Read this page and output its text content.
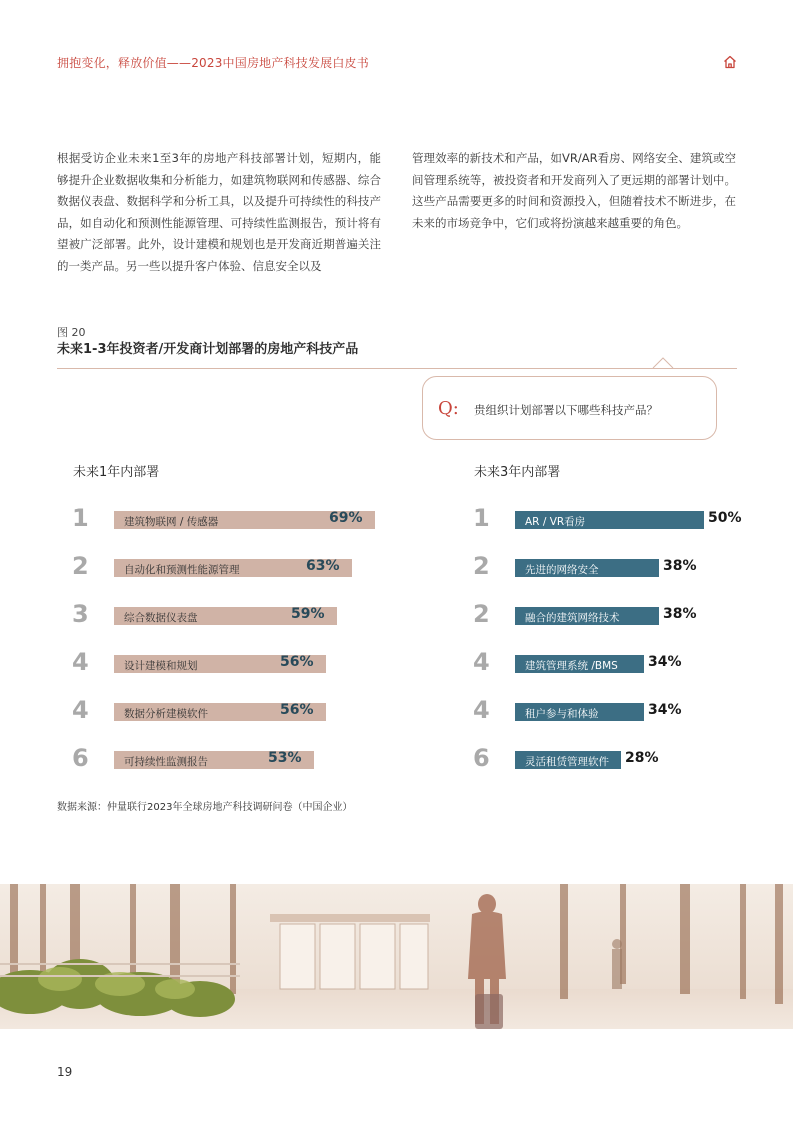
拥抱变化，释放价值——2023中国房地产科技发展白皮书
根据受访企业未来1至3年的房地产科技部署计划，短期内，能够提升企业数据收集和分析能力，如建筑物联网和传感器、综合数据仪表盘、数据科学和分析工具，以及提升可持续性的科技产品，如自动化和预测性能源管理、可持续性监测报告，预计将有望被广泛部署。此外，设计建模和规划也是开发商近期普遍关注的一类产品。另一些以提升客户体验、信息安全以及
管理效率的新技术和产品，如VR/AR看房、网络安全、建筑或空间管理系统等，被投资者和开发商列入了更远期的部署计划中。这些产品需要更多的时间和资源投入，但随着技术不断进步，在未来的市场竞争中，它们或将扮演越来越重要的角色。
图 20
未来1-3年投资者/开发商计划部署的房地产科技产品
Q: 贵组织计划部署以下哪些科技产品？
未来1年内部署	未来3年内部署
1	建筑物联网 / 传感器	69%
2	自动化和预测性能源管理	63%
3	综合数据仪表盘	59%
4	设计建模和规划	56%
4	数据分析建模软件	56%
6	可持续性监测报告	53%
1	AR / VR看房	50%
2	先进的网络安全	38%
2	融合的建筑网络技术	38%
4	建筑管理系统 /BMS 34%
4	租户参与和体验	34%
6	灵活租赁管理软件 28%
数据来源：仲量联行2023年全球房地产科技调研问卷（中国企业）
19
